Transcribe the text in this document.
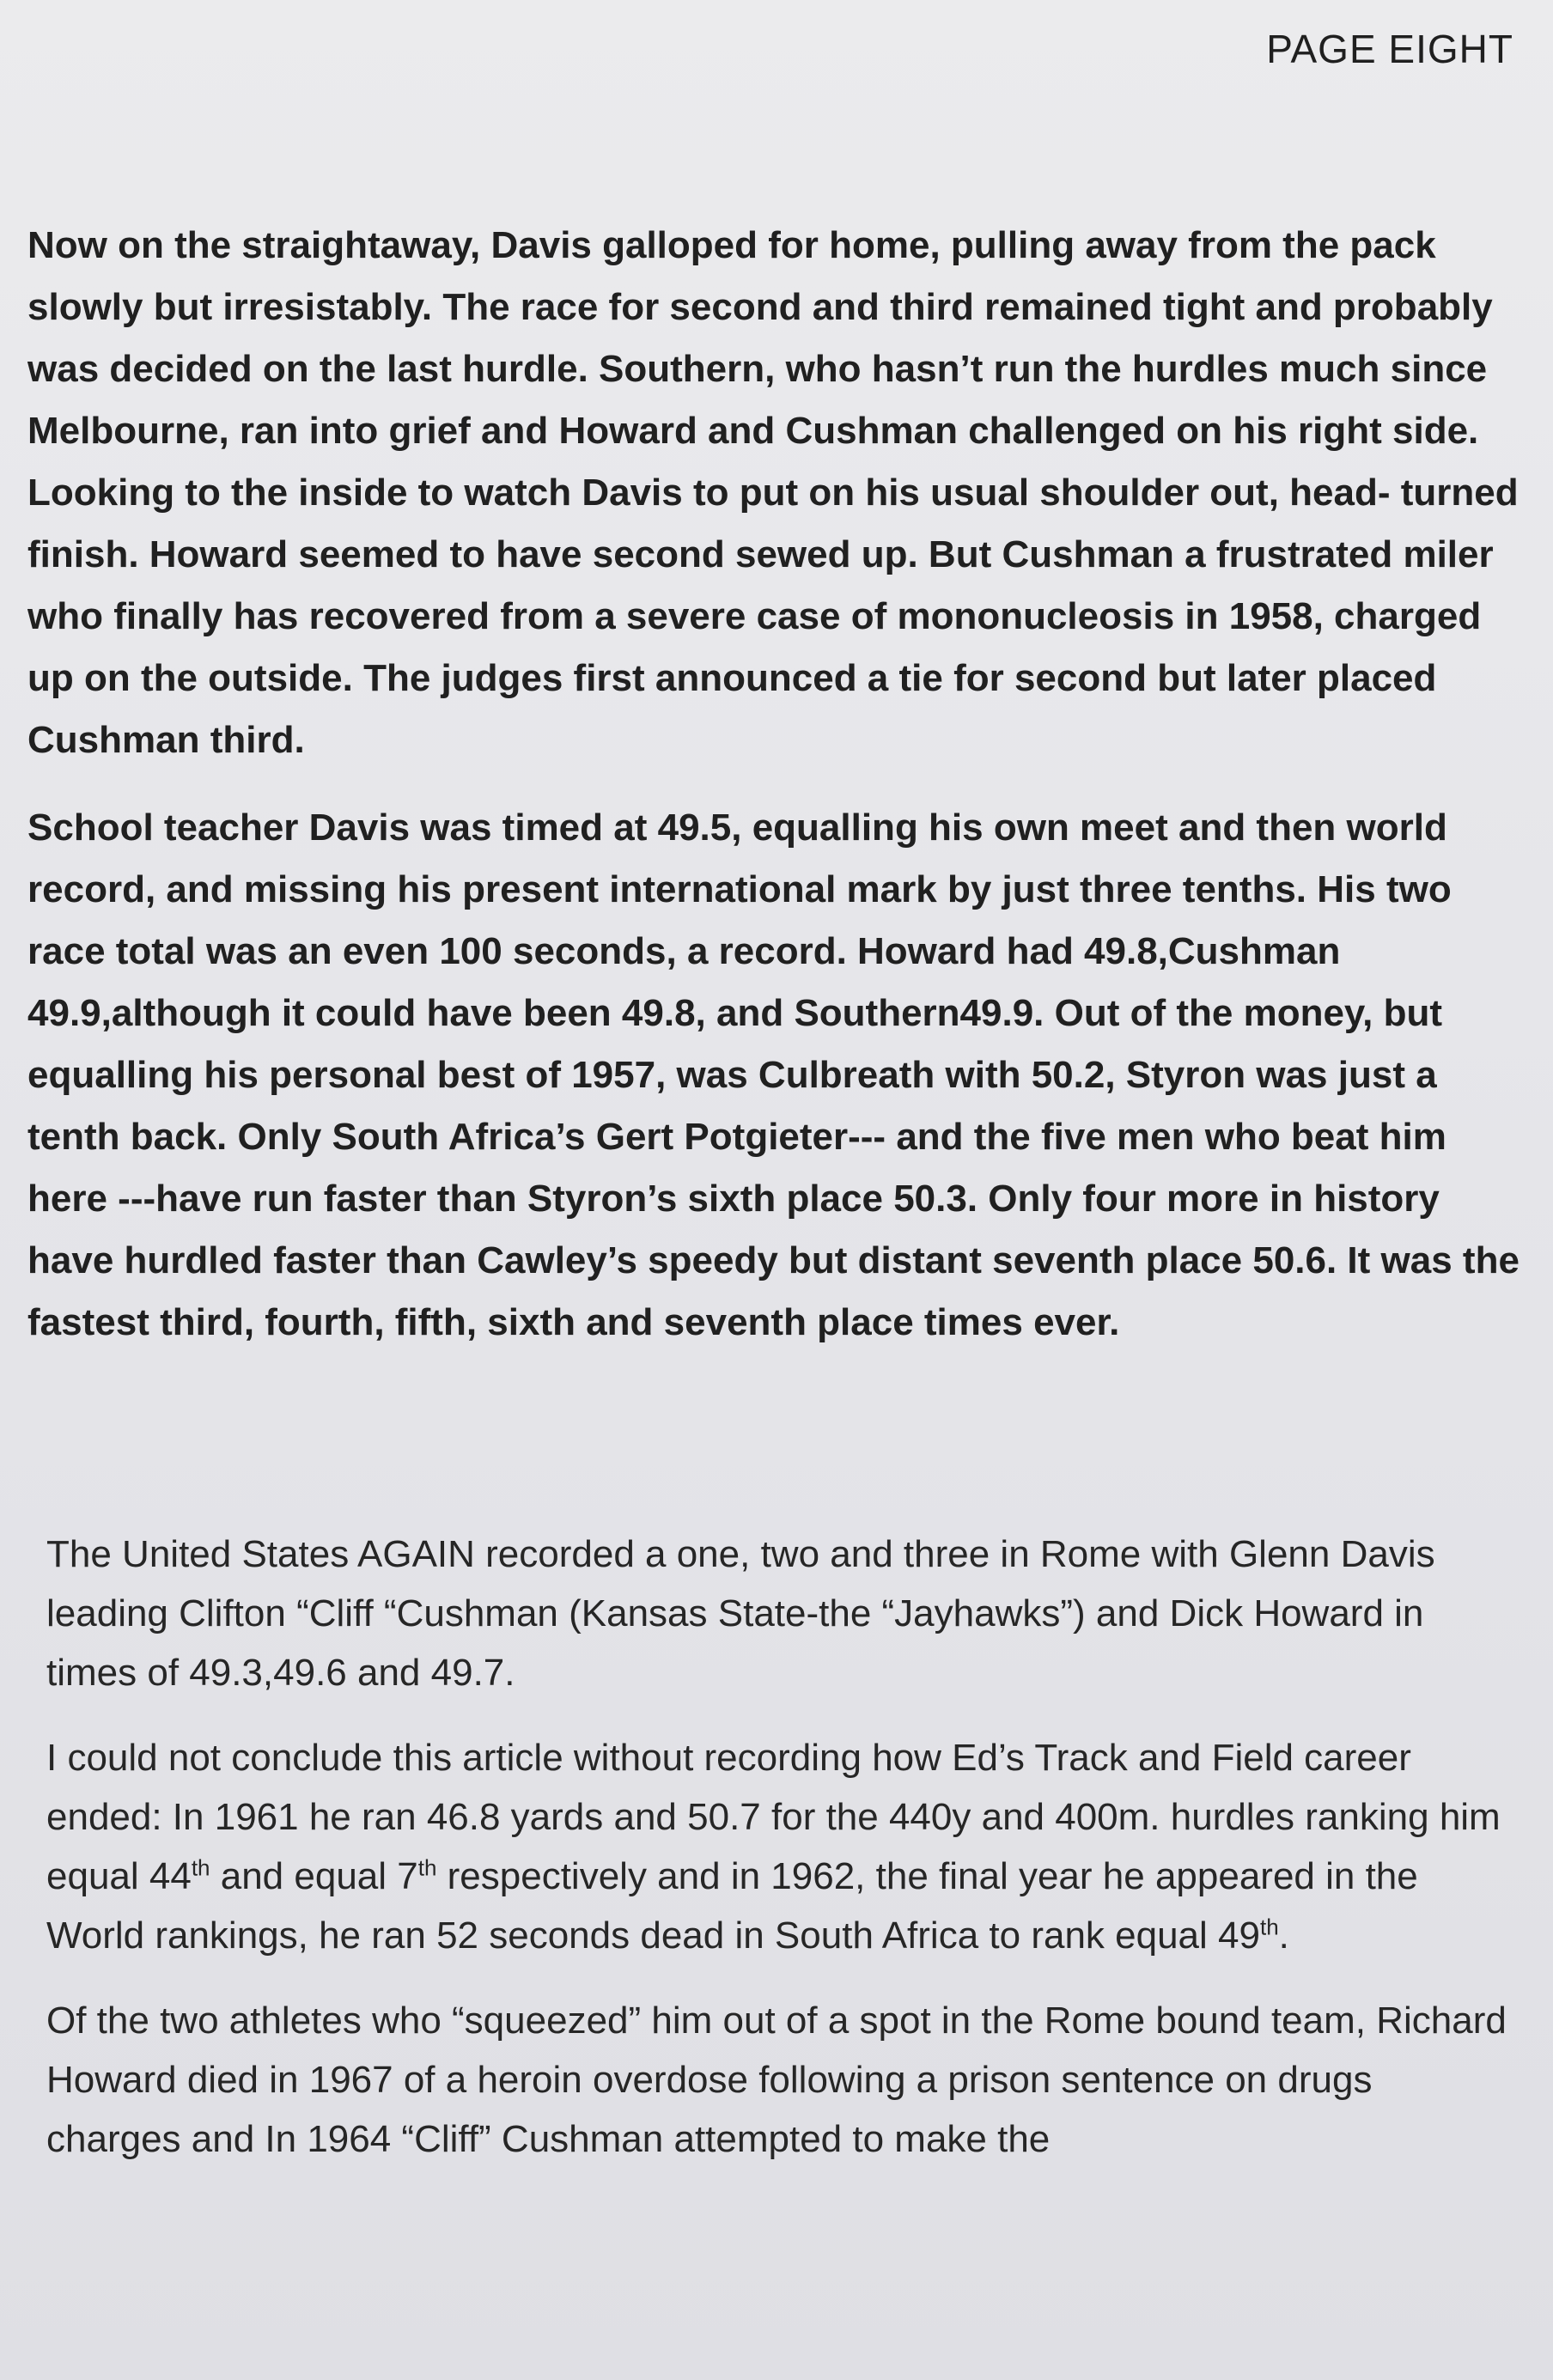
PAGE EIGHT

Now on the straightaway, Davis galloped for home, pulling away from the pack slowly but irresistably. The race for second and third remained tight and probably was decided on the last hurdle. Southern, who hasn’t run the hurdles much since Melbourne, ran into grief and Howard and Cushman challenged on his right side. Looking to the inside to watch Davis to put on his usual shoulder out, head- turned finish. Howard seemed to have second sewed up. But Cushman a frustrated miler who finally has recovered from a severe case of mononucleosis in 1958, charged up on the outside. The judges first announced a tie for second but later placed Cushman third.

School teacher Davis was timed at 49.5, equalling his own meet and then world record, and missing his present international mark by just three tenths. His two race total was an even 100 seconds, a record. Howard had 49.8,Cushman 49.9,although it could have been 49.8, and Southern49.9. Out of the money, but equalling his personal best of 1957, was Culbreath with 50.2, Styron was just a tenth back. Only South Africa’s Gert Potgieter--- and the five men who beat him here ---have run faster than Styron’s sixth place 50.3. Only four more in history have hurdled faster than Cawley’s speedy but distant seventh place 50.6. It was the fastest third, fourth, fifth, sixth and seventh place times ever.

The United States AGAIN recorded a one, two and three in Rome with Glenn Davis leading Clifton “Cliff “Cushman (Kansas State-the “Jayhawks”) and Dick Howard in times of 49.3,49.6 and 49.7.

I could not conclude this article without recording how Ed’s Track and Field career ended: In 1961 he ran 46.8 yards and 50.7 for the 440y and 400m. hurdles ranking him equal 44th and equal 7th respectively and in 1962, the final year he appeared in the World rankings, he ran 52 seconds dead in South Africa to rank equal 49th.

Of the two athletes who “squeezed” him out of a spot in the Rome bound team, Richard Howard died in 1967 of a heroin overdose following a prison sentence on drugs charges and In 1964 “Cliff” Cushman attempted to make the
